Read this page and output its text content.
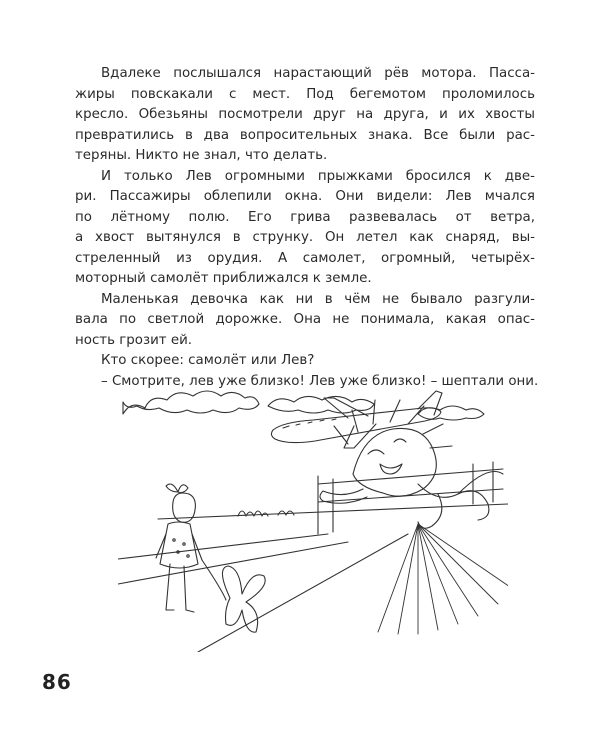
Вдалеке послышался нарастающий рёв мотора. Пасса-
жиры повскакали с мест. Под бегемотом проломилось
кресло. Обезьяны посмотрели друг на друга, и их хвосты
превратились в два вопросительных знака. Все были рас-
теряны. Никто не знал, что делать.

И только Лев огромными прыжками бросился к две-
ри. Пассажиры облепили окна. Они видели: Лев мчался
по лётному полю. Его грива развевалась от ветра,
а хвост вытянулся в струнку. Он летел как снаряд, вы-
стреленный из орудия. А самолет, огромный, четырёх-
моторный самолёт приближался к земле.

Маленькая девочка как ни в чём не бывало разгули-
вала по светлой дорожке. Она не понимала, какая опас-
ность грозит ей.

Кто скорее: самолёт или Лев?

– Смотрите, лев уже близко! Лев уже близко! – шептали они.

86
